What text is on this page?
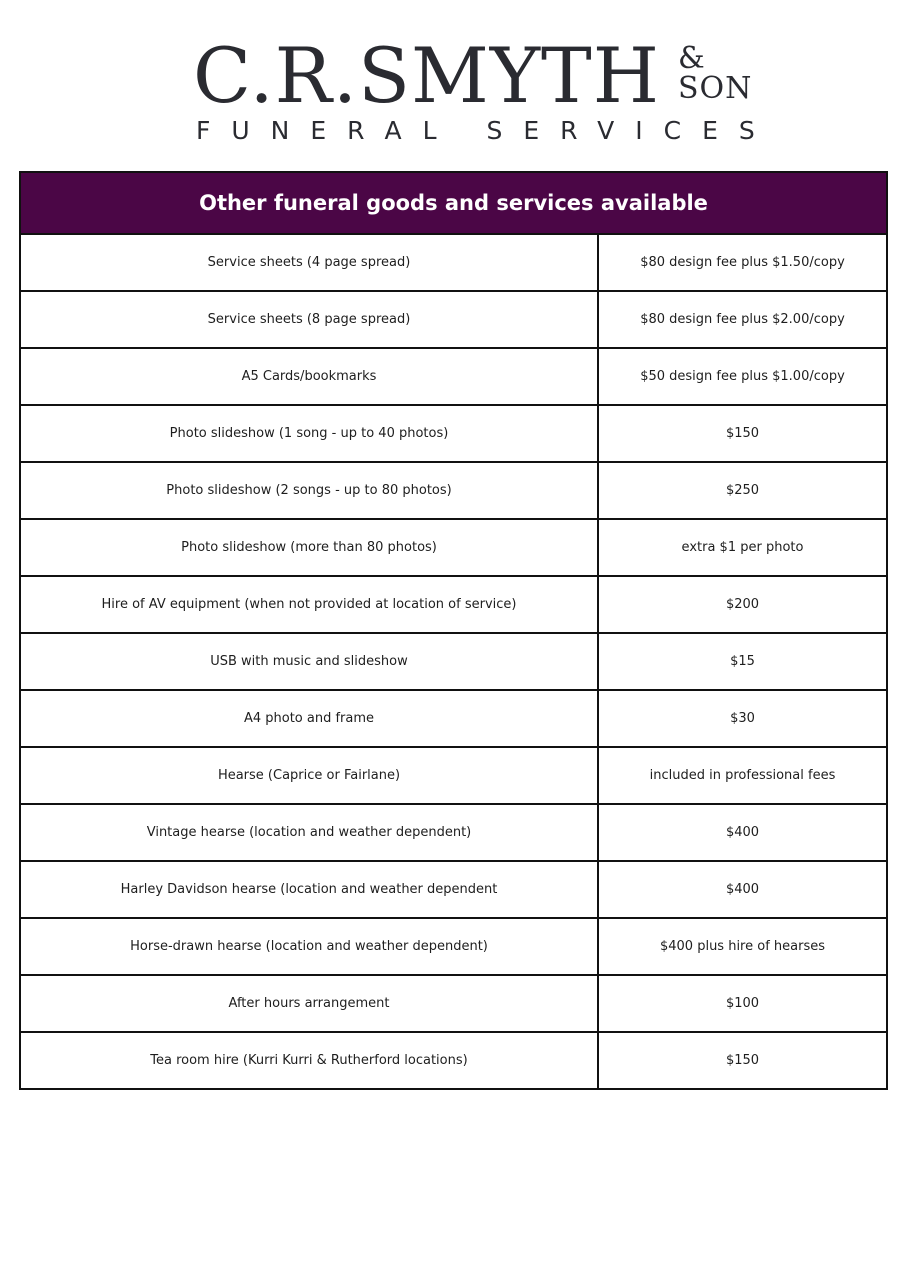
C.R.SMYTH &
SON
FUNERAL SERVICES
Other funeral goods and services available	
Service sheets (4 page spread)	$80 design fee plus $1.50/copy
Service sheets (8 page spread)	$80 design fee plus $2.00/copy
A5 Cards/bookmarks	$50 design fee plus $1.00/copy
Photo slideshow (1 song - up to 40 photos)	$150
Photo slideshow (2 songs - up to 80 photos)	$250
Photo slideshow (more than 80 photos)	extra $1 per photo
Hire of AV equipment (when not provided at location of service)	$200
USB with music and slideshow	$15
A4 photo and frame	$30
Hearse (Caprice or Fairlane)	included in professional fees
Vintage hearse (location and weather dependent)	$400
Harley Davidson hearse (location and weather dependent	$400
Horse-drawn hearse (location and weather dependent)	$400 plus hire of hearses
After hours arrangement	$100
Tea room hire (Kurri Kurri & Rutherford locations)	$150
